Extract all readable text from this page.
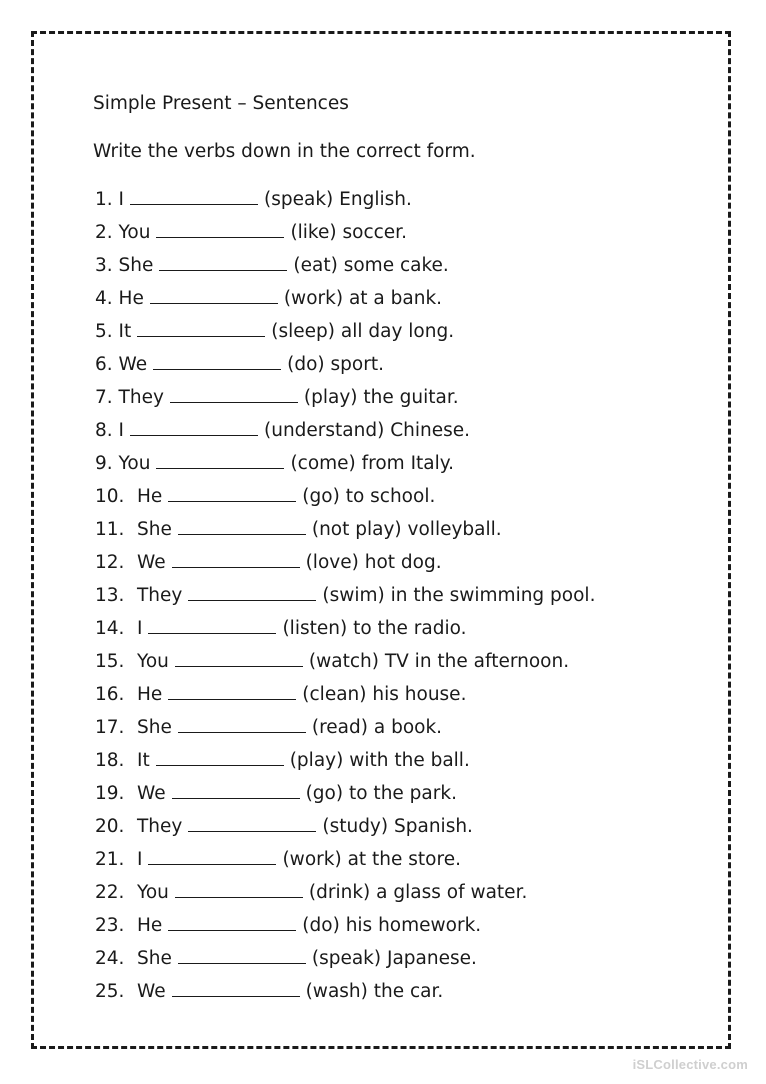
Simple Present – Sentences
Write the verbs down in the correct form.
1. I	(speak) English.
2. You	(like) soccer.
3. She	(eat) some cake.
4. He	(work) at a bank.
5. It	(sleep) all day long.
6. We	(do) sport.
7. They	(play) the guitar.
8. I	(understand) Chinese.
9. You	(come) from Italy.
10. He	(go) to school.
11. She	(not play) volleyball.
12. We	(love) hot dog.
13. They	(swim) in the swimming pool.
14. I	(listen) to the radio.
15. You	(watch) TV in the afternoon.
16. He	(clean) his house.
17. She	(read) a book.
18. It	(play) with the ball.
19. We	(go) to the park.
20. They	(study) Spanish.
21. I	(work) at the store.
22. You	(drink) a glass of water.
23. He	(do) his homework.
24. She	(speak) Japanese.
25. We	(wash) the car.
iSLCollective.com
